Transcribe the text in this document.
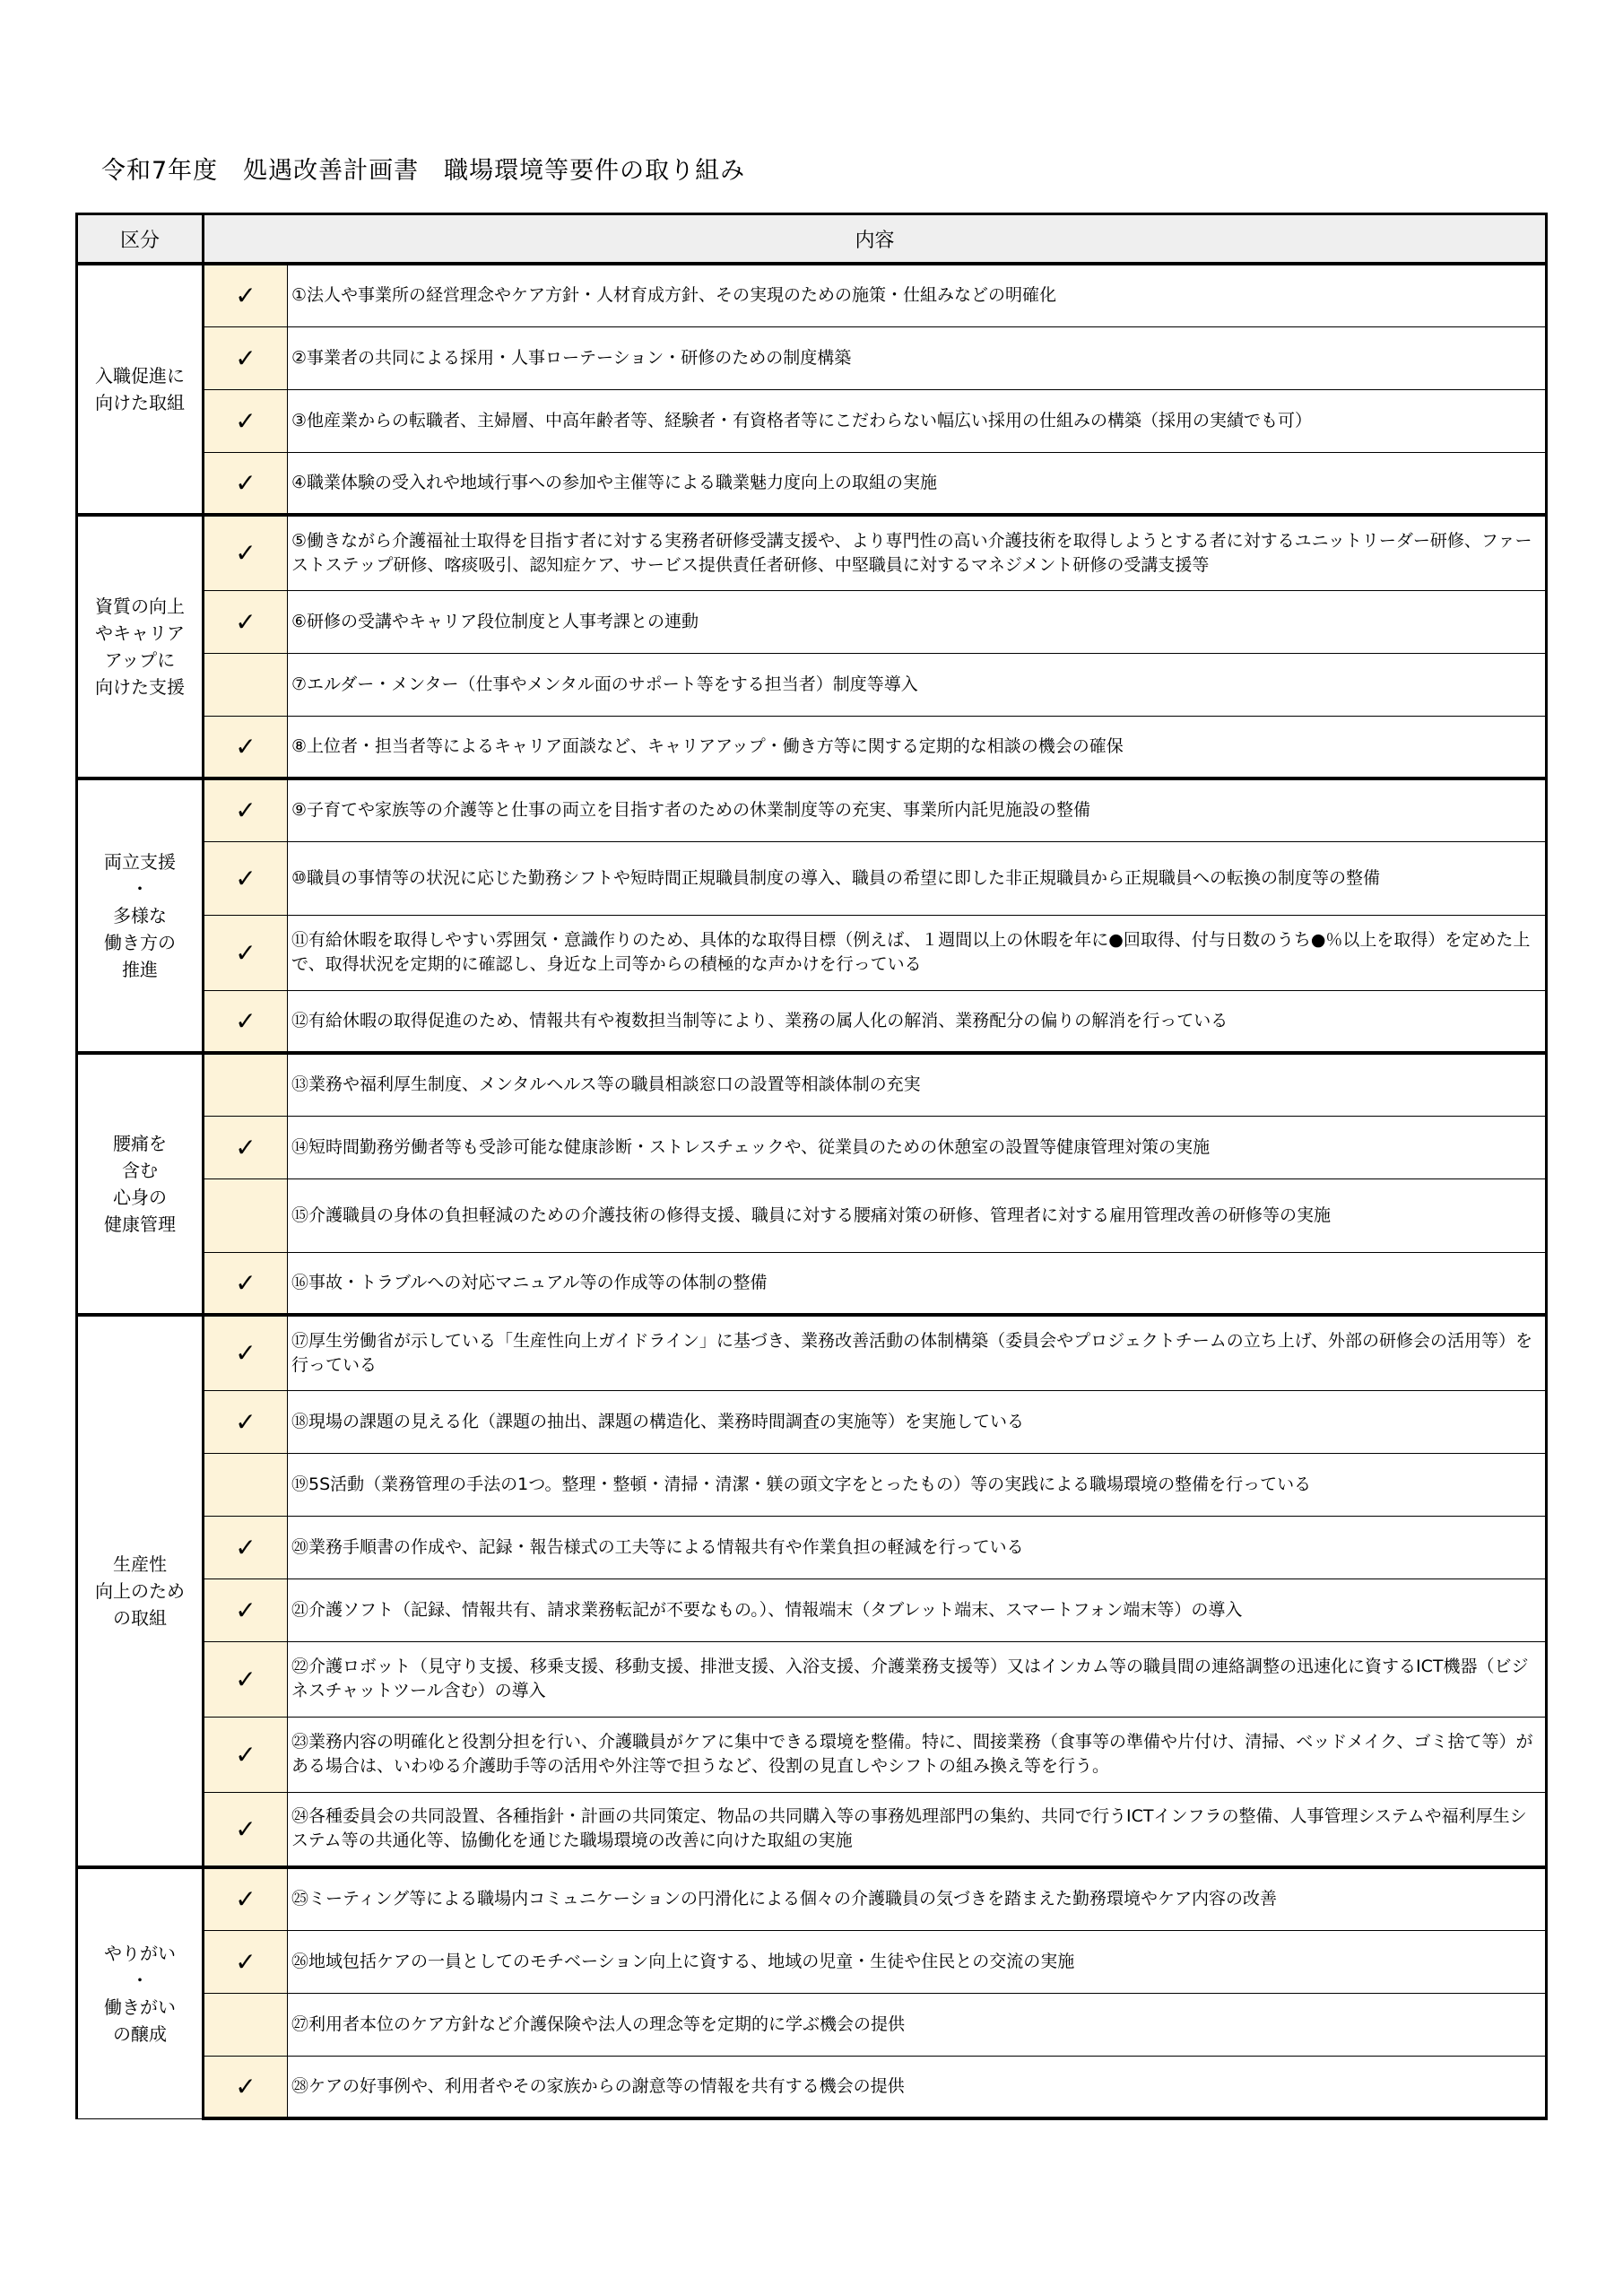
令和7年度　処遇改善計画書　職場環境等要件の取り組み
区分	内容	
入職促進に
向けた取組	✓	①法人や事業所の経営理念やケア方針・人材育成方針、その実現のための施策・仕組みなどの明確化
	✓	②事業者の共同による採用・人事ローテーション・研修のための制度構築
	✓	③他産業からの転職者、主婦層、中高年齢者等、経験者・有資格者等にこだわらない幅広い採用の仕組みの構築（採用の実績でも可）
	✓	④職業体験の受入れや地域行事への参加や主催等による職業魅力度向上の取組の実施
資質の向上
やキャリア
アップに
向けた支援	✓	⑤働きながら介護福祉士取得を目指す者に対する実務者研修受講支援や、より専門性の高い介護技術を取得しようとする者に対するユニットリーダー研修、ファーストステップ研修、喀痰吸引、認知症ケア、サービス提供責任者研修、中堅職員に対するマネジメント研修の受講支援等
	✓	⑥研修の受講やキャリア段位制度と人事考課との連動
		⑦エルダー・メンター（仕事やメンタル面のサポート等をする担当者）制度等導入
	✓	⑧上位者・担当者等によるキャリア面談など、キャリアアップ・働き方等に関する定期的な相談の機会の確保
両立支援
・
多様な
働き方の
推進	✓	⑨子育てや家族等の介護等と仕事の両立を目指す者のための休業制度等の充実、事業所内託児施設の整備
	✓	⑩職員の事情等の状況に応じた勤務シフトや短時間正規職員制度の導入、職員の希望に即した非正規職員から正規職員への転換の制度等の整備
	✓	⑪有給休暇を取得しやすい雰囲気・意識作りのため、具体的な取得目標（例えば、１週間以上の休暇を年に●回取得、付与日数のうち●％以上を取得）を定めた上で、取得状況を定期的に確認し、身近な上司等からの積極的な声かけを行っている
	✓	⑫有給休暇の取得促進のため、情報共有や複数担当制等により、業務の属人化の解消、業務配分の偏りの解消を行っている
腰痛を
含む
心身の
健康管理		⑬業務や福利厚生制度、メンタルヘルス等の職員相談窓口の設置等相談体制の充実
	✓	⑭短時間勤務労働者等も受診可能な健康診断・ストレスチェックや、従業員のための休憩室の設置等健康管理対策の実施
		⑮介護職員の身体の負担軽減のための介護技術の修得支援、職員に対する腰痛対策の研修、管理者に対する雇用管理改善の研修等の実施
	✓	⑯事故・トラブルへの対応マニュアル等の作成等の体制の整備
生産性
向上のため
の取組	✓	⑰厚生労働省が示している「生産性向上ガイドライン」に基づき、業務改善活動の体制構築（委員会やプロジェクトチームの立ち上げ、外部の研修会の活用等）を行っている
	✓	⑱現場の課題の見える化（課題の抽出、課題の構造化、業務時間調査の実施等）を実施している
		⑲5S活動（業務管理の手法の1つ。整理・整頓・清掃・清潔・躾の頭文字をとったもの）等の実践による職場環境の整備を行っている
	✓	⑳業務手順書の作成や、記録・報告様式の工夫等による情報共有や作業負担の軽減を行っている
	✓	㉑介護ソフト（記録、情報共有、請求業務転記が不要なもの。）、情報端末（タブレット端末、スマートフォン端末等）の導入
	✓	㉒介護ロボット（見守り支援、移乗支援、移動支援、排泄支援、入浴支援、介護業務支援等）又はインカム等の職員間の連絡調整の迅速化に資するICT機器（ビジネスチャットツール含む）の導入
	✓	㉓業務内容の明確化と役割分担を行い、介護職員がケアに集中できる環境を整備。特に、間接業務（食事等の準備や片付け、清掃、ベッドメイク、ゴミ捨て等）がある場合は、いわゆる介護助手等の活用や外注等で担うなど、役割の見直しやシフトの組み換え等を行う。
	✓	㉔各種委員会の共同設置、各種指針・計画の共同策定、物品の共同購入等の事務処理部門の集約、共同で行うICTインフラの整備、人事管理システムや福利厚生システム等の共通化等、協働化を通じた職場環境の改善に向けた取組の実施
やりがい
・
働きがい
の醸成	✓	㉕ミーティング等による職場内コミュニケーションの円滑化による個々の介護職員の気づきを踏まえた勤務環境やケア内容の改善
	✓	㉖地域包括ケアの一員としてのモチベーション向上に資する、地域の児童・生徒や住民との交流の実施
		㉗利用者本位のケア方針など介護保険や法人の理念等を定期的に学ぶ機会の提供
	✓	㉘ケアの好事例や、利用者やその家族からの謝意等の情報を共有する機会の提供
